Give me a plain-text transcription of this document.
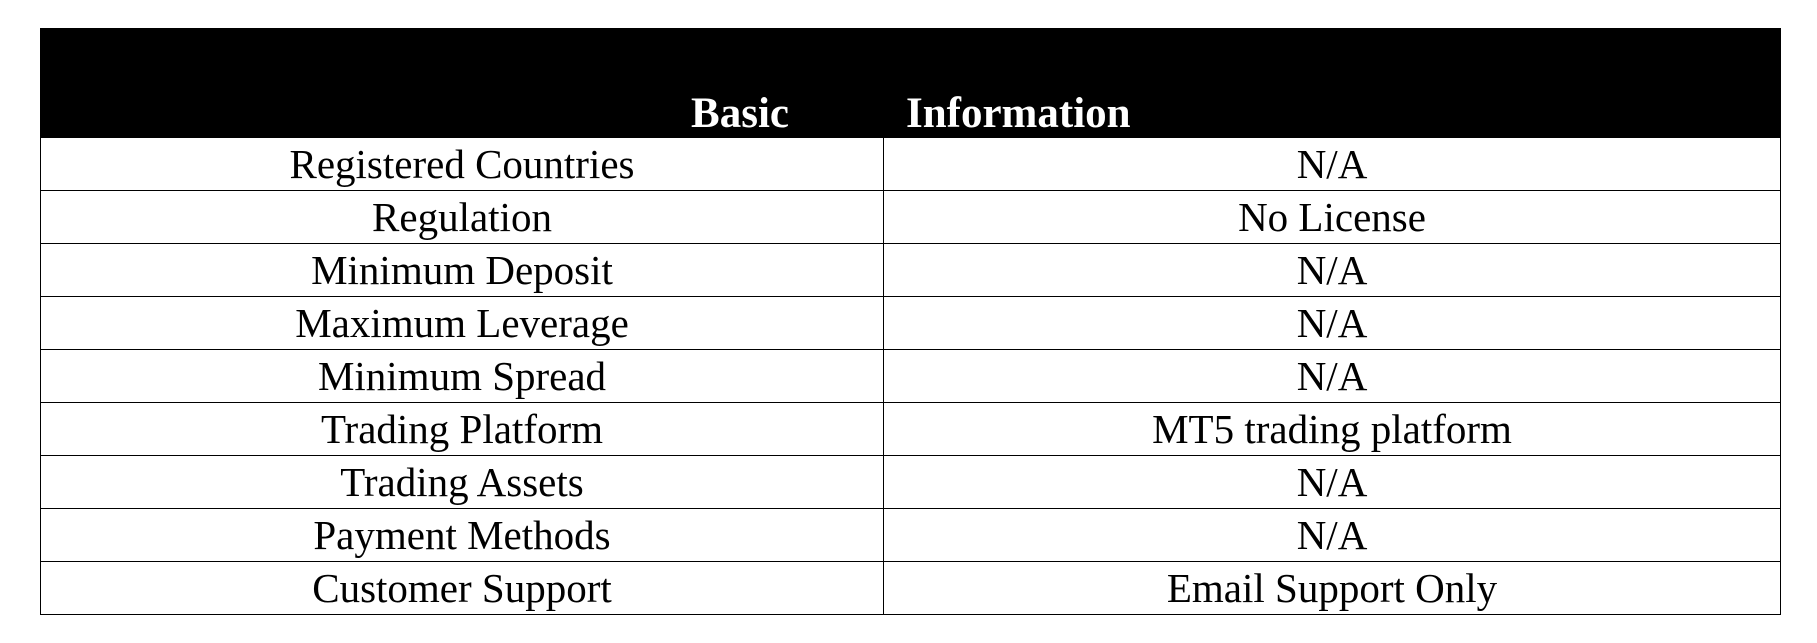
Basic	Information
Registered Countries	N/A
Regulation	No License
Minimum Deposit	N/A
Maximum Leverage	N/A
Minimum Spread	N/A
Trading Platform	MT5 trading platform
Trading Assets	N/A
Payment Methods	N/A
Customer Support	Email Support Only
